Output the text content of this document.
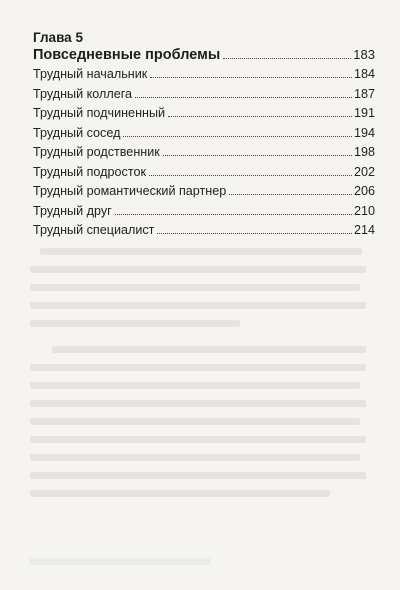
Глава 5
Повседневные проблемы	183
Трудный начальник	184
Трудный коллега	187
Трудный подчиненный	191
Трудный сосед	194
Трудный родственник	198
Трудный подросток	202
Трудный романтический партнер	206
Трудный друг	210
Трудный специалист	214
